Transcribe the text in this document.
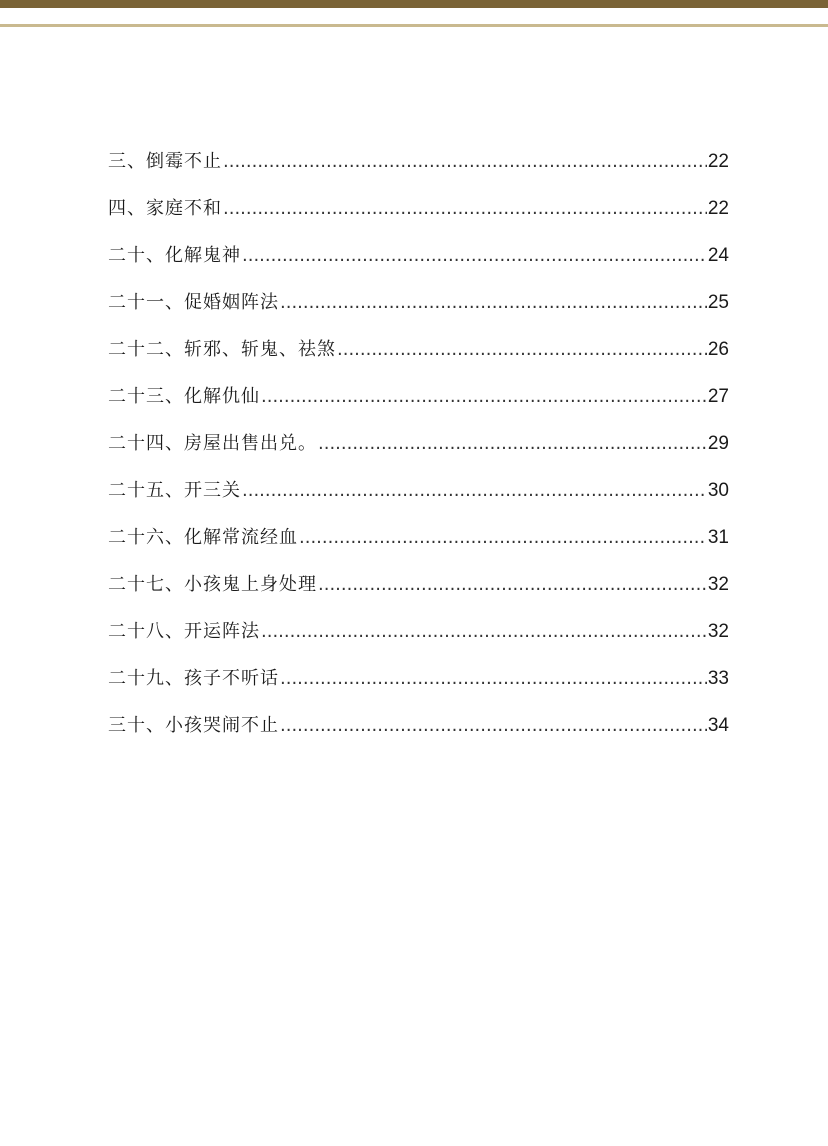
三、倒霉不止 .....	22
四、家庭不和 .....	22
二十、化解鬼神 .....	24
二十一、促婚姻阵法 .....	25
二十二、斩邪、斩鬼、祛煞 .....	26
二十三、化解仇仙 .....	27
二十四、房屋出售出兑。 .....	29
二十五、开三关 .....	30
二十六、化解常流经血 .....	31
二十七、小孩鬼上身处理 .....	32
二十八、开运阵法 .....	32
二十九、孩子不听话 .....	33
三十、小孩哭闹不止 .....	34
